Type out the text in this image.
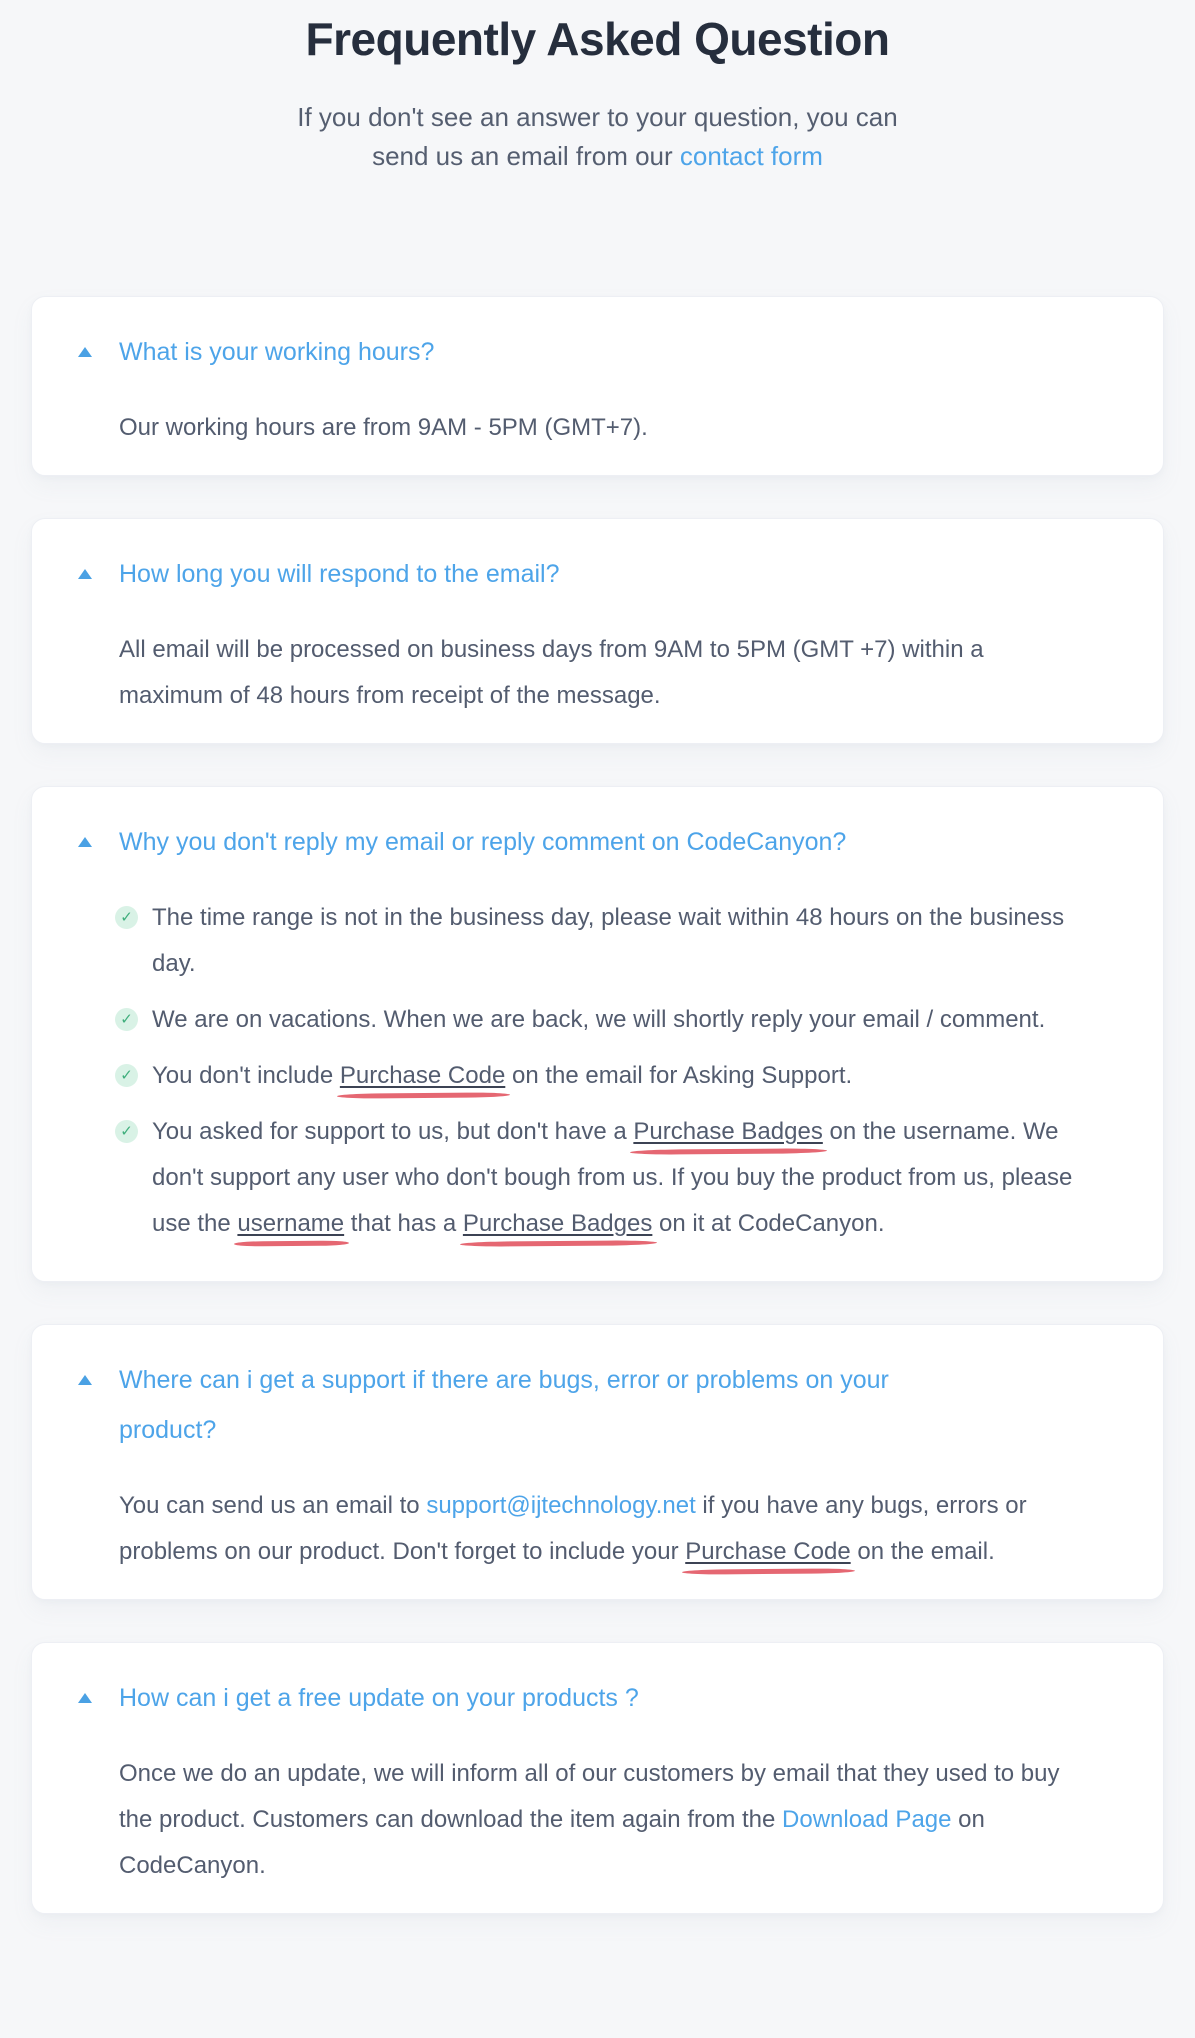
Frequently Asked Question

If you don't see an answer to your question, you can
send us an email from our contact form

What is your working hours?

Our working hours are from 9AM - 5PM (GMT+7).

How long you will respond to the email?

All email will be processed on business days from 9AM to 5PM (GMT +7) within a maximum of 48 hours from receipt of the message.

Why you don't reply my email or reply comment on CodeCanyon?
✓ The time range is not in the business day, please wait within 48 hours on the business day.
✓ We are on vacations. When we are back, we will shortly reply your email / comment.
✓ You don't include Purchase Code on the email for Asking Support.
✓ You asked for support to us, but don't have a Purchase Badges on the username. We don't support any user who don't bough from us. If you buy the product from us, please use the username that has a Purchase Badges on it at CodeCanyon.
Where can i get a support if there are bugs, error or problems on your product?

You can send us an email to support@ijtechnology.net if you have any bugs, errors or problems on our product. Don't forget to include your Purchase Code on the email.

How can i get a free update on your products ?

Once we do an update, we will inform all of our customers by email that they used to buy the product. Customers can download the item again from the Download Page on CodeCanyon.
